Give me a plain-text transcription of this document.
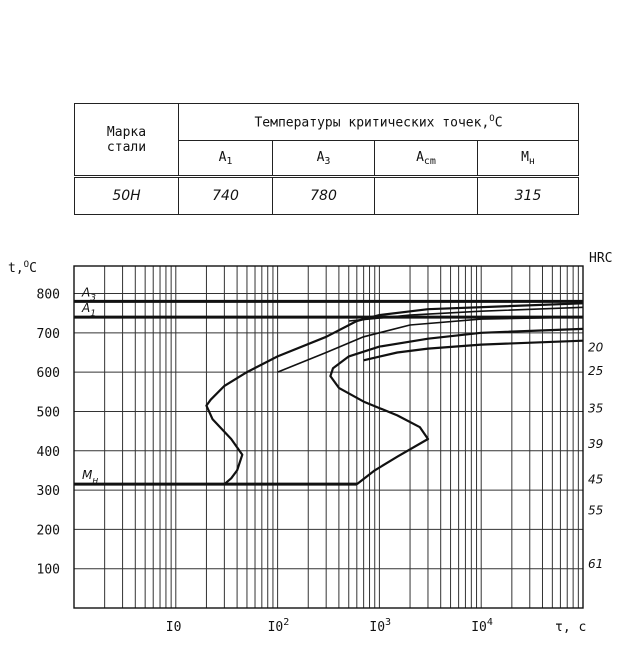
Марка
стали	Температуры критических точек,$^O$C			
	$A_1$	$A_3$	$A_{cm}$	$M_н$
50Н	740	780		315
800
700
600
500
400
300
200
100
I0	$I0^2$	$I0^3$	$I0^4$
20
25
35
39
45
55
61
$A_3$
$A_1$
$M_н$
t,$^O$C
HRC
τ, c
